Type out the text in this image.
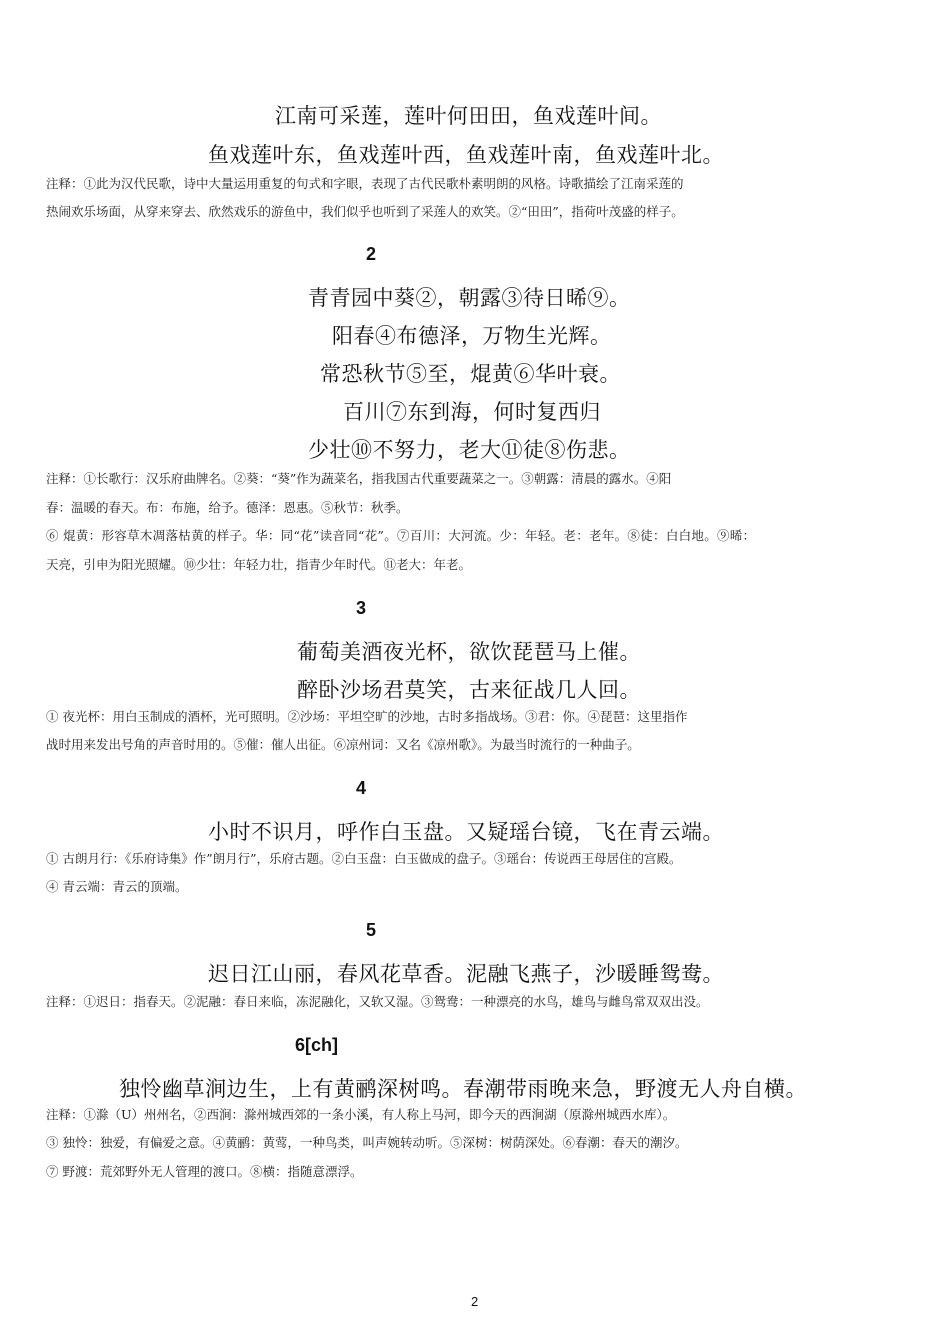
江南可采莲，莲叶何田田，鱼戏莲叶间。
鱼戏莲叶东，鱼戏莲叶西，鱼戏莲叶南，鱼戏莲叶北。
注释：①此为汉代民歌，诗中大量运用重复的句式和字眼，表现了古代民歌朴素明朗的风格。诗歌描绘了江南采莲的
热闹欢乐场面，从穿来穿去、欣然戏乐的游鱼中，我们似乎也听到了采莲人的欢笑。②“田田”，指荷叶茂盛的样子。
2
青青园中葵②，朝露③待日晞⑨。
阳春④布德泽，万物生光辉。
常恐秋节⑤至，焜黄⑥华叶衰。
百川⑦东到海，何时复西归
少壮⑩不努力，老大⑪徒⑧伤悲。
注释：①长歌行：汉乐府曲牌名。②葵：“葵”作为蔬菜名，指我国古代重要蔬菜之一。③朝露：清晨的露水。④阳
春：温暖的春天。布：布施，给予。德泽：恩惠。⑤秋节：秋季。
⑥ 焜黄：形容草木凋落枯黄的样子。华：同“花”读音同“花”。⑦百川：大河流。少：年轻。老：老年。⑧徒：白白地。⑨晞：
天亮，引申为阳光照耀。⑩少壮：年轻力壮，指青少年时代。⑪老大：年老。
3
葡萄美酒夜光杯，欲饮琵琶马上催。
醉卧沙场君莫笑，古来征战几人回。
① 夜光杯：用白玉制成的酒杯，光可照明。②沙场：平坦空旷的沙地，古时多指战场。③君：你。④琵琶：这里指作
战时用来发出号角的声音时用的。⑤催：催人出征。⑥凉州词：又名《凉州歌》。为最当时流行的一种曲子。
4
小时不识月，呼作白玉盘。又疑瑶台镜，飞在青云端。
① 古朗月行：《乐府诗集》作”朗月行”，乐府古题。②白玉盘：白玉做成的盘子。③瑶台：传说西王母居住的宫殿。
④ 青云端：青云的顶端。
5
迟日江山丽，春风花草香。泥融飞燕子，沙暖睡鸳鸯。
注释：①迟日：指春天。②泥融：春日来临，冻泥融化，又软又湿。③鸳鸯：一种漂亮的水鸟，雄鸟与雌鸟常双双出没。
6[ch]
独怜幽草涧边生，上有黄鹂深树鸣。春潮带雨晚来急，野渡无人舟自横。
注释：①滁（U）州州名，②西涧：滁州城西郊的一条小溪，有人称上马河，即今天的西涧湖（原滁州城西水库）。
③ 独怜：独爱，有偏爱之意。④黄鹂：黄莺，一种鸟类，叫声婉转动听。⑤深树：树荫深处。⑥春潮：春天的潮汐。
⑦ 野渡：荒郊野外无人管理的渡口。⑧横：指随意漂浮。
2
